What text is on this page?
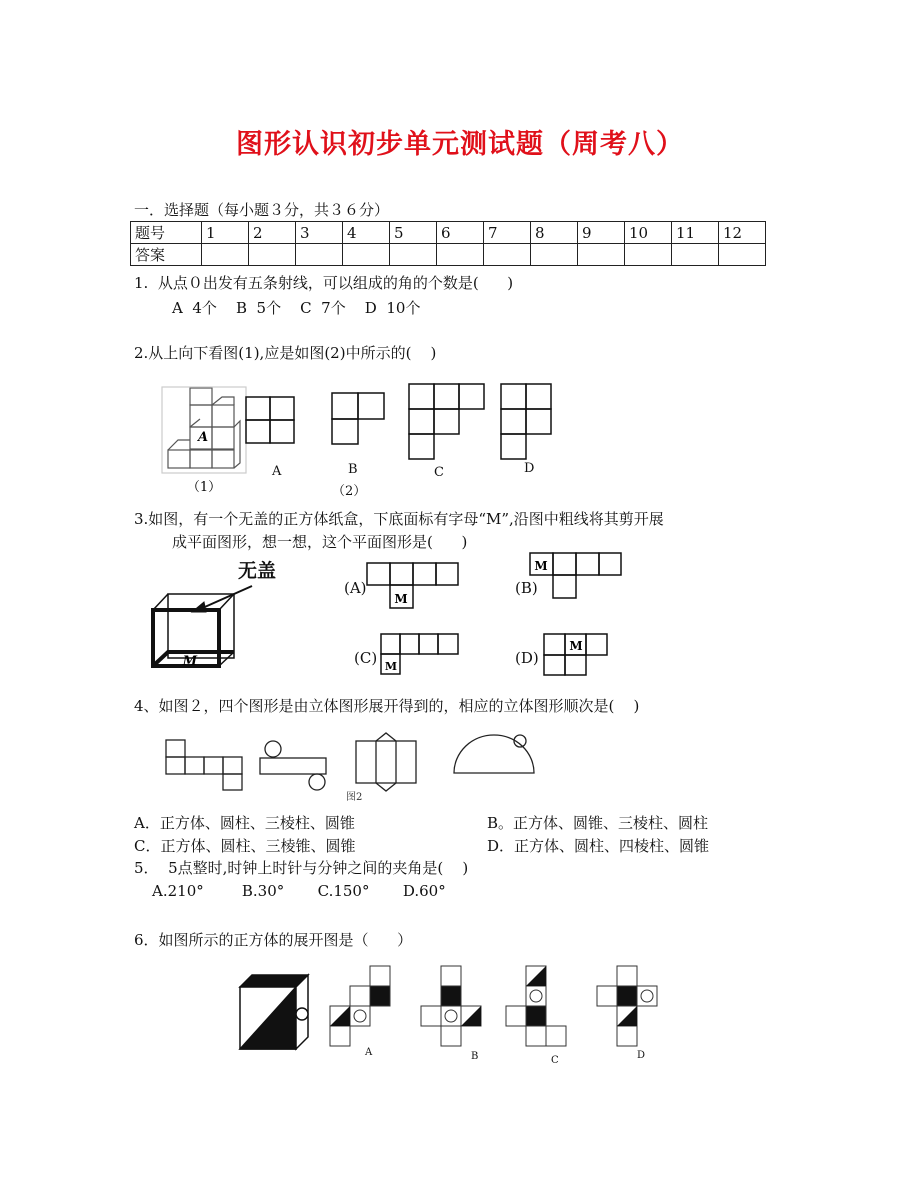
图形认识初步单元测试题（周考八）
一．选择题（每小题３分，共３６分）
题号	1	2	3	4	5	6	7	8	9	10	11	12
答案												
1.  从点０出发有五条射线，可以组成的角的个数是(      )
A  4个    B  5个    C  7个    D  10个
2.从上向下看图(1),应是如图(2)中所示的(    )
A
（1）
A	B
（2）
C	D
3.如图，有一个无盖的正方体纸盒，下底面标有字母“M”,沿图中粗线将其剪开展
成平面图形，想一想，这个平面图形是(      )
无盖
M
(A)
M
(B)
M
(C) M	(D)
M
4、如图２，四个图形是由立体图形展开得到的，相应的立体图形顺次是(    )
图2
A．正方体、圆柱、三棱柱、圆锥	B。正方体、圆锥、三棱柱、圆柱
C．正方体、圆柱、三棱锥、圆锥	D．正方体、圆柱、四棱柱、圆锥
5．  5点整时,时钟上时针与分钟之间的夹角是(    )
A.210°        B.30°       C.150°       D.60°
6．如图所示的正方体的展开图是（      ）
A	B	C	D
